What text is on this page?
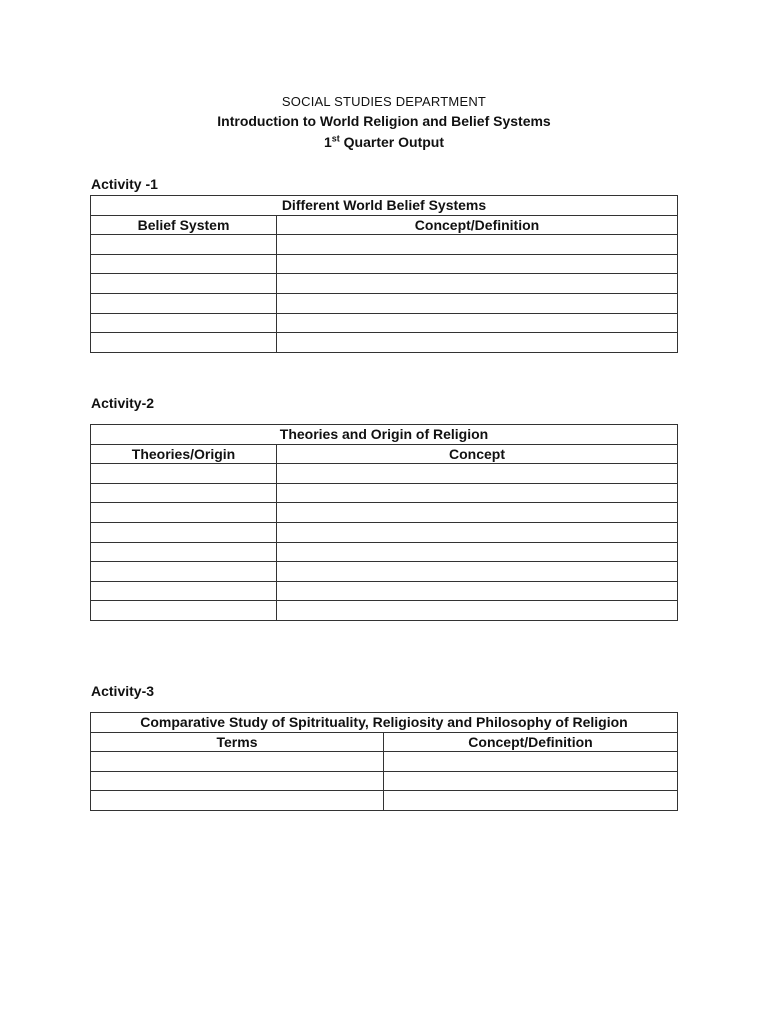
SOCIAL STUDIES DEPARTMENT
Introduction to World Religion and Belief Systems
1st Quarter Output
Activity -1
Different World Belief Systems	
Belief System	Concept/Definition

Activity-2
Theories and Origin of Religion	
Theories/Origin	Concept

Activity-3
Comparative Study of Spitrituality, Religiosity and Philosophy of Religion	
Terms	Concept/Definition
